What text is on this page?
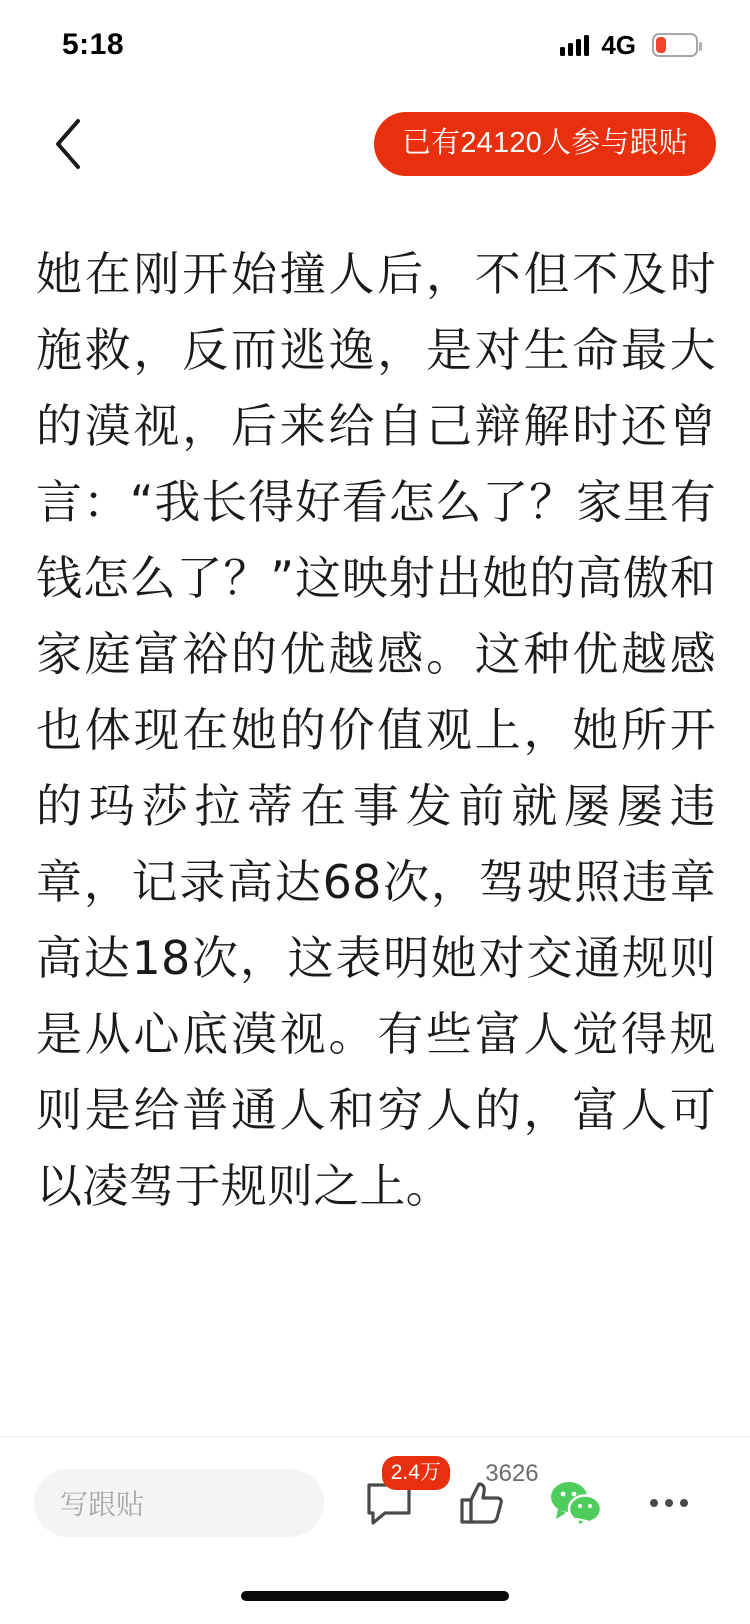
5:18	4G
已有24120人参与跟贴

她在刚开始撞人后，不但不及时施救，反而逃逸，是对生命最大的漠视，后来给自己辩解时还曾言：“我长得好看怎么了？家里有钱怎么了？”这映射出她的高傲和家庭富裕的优越感。这种优越感也体现在她的价值观上，她所开的玛莎拉蒂在事发前就屡屡违章，记录高达68次，驾驶照违章高达18次，这表明她对交通规则是从心底漠视。有些富人觉得规则是给普通人和穷人的，富人可以凌驾于规则之上。

写跟贴
2.4万	3626
